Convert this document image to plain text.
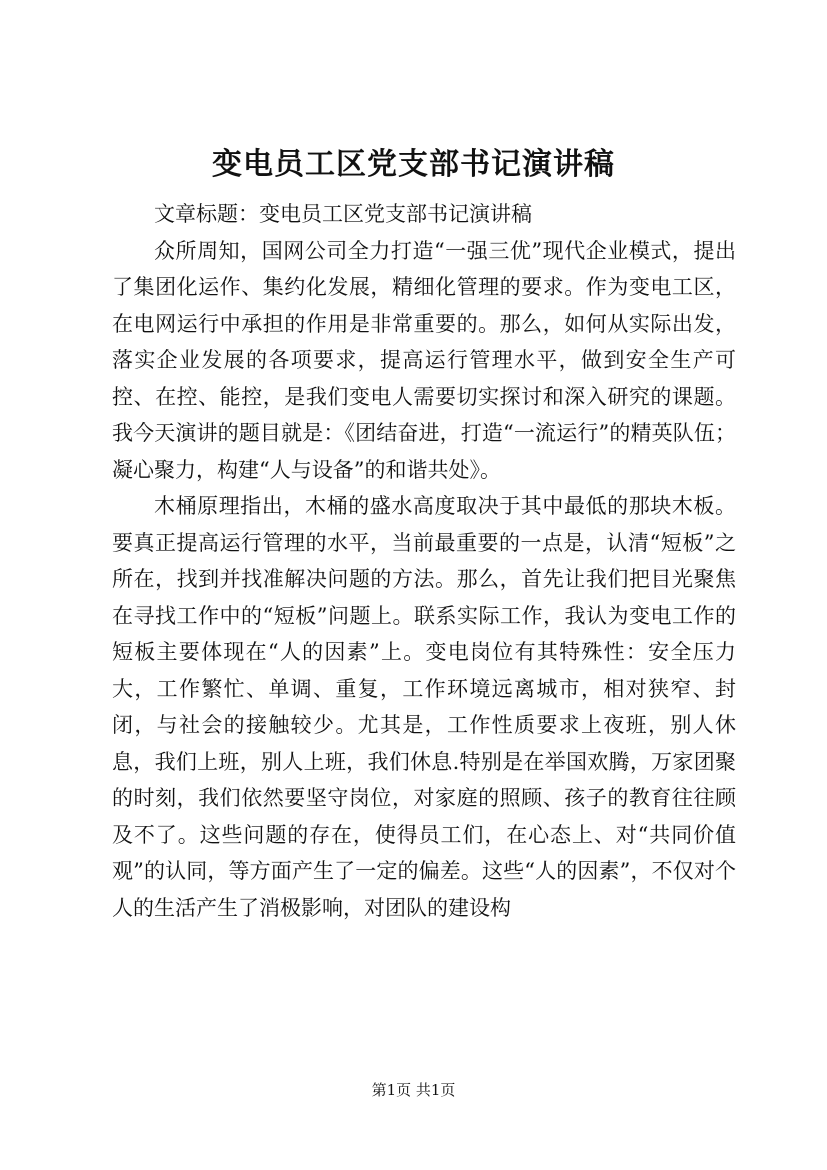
变电员工区党支部书记演讲稿

文章标题：变电员工区党支部书记演讲稿

众所周知，国网公司全力打造“一强三优”现代企业模式，提出了集团化运作、集约化发展，精细化管理的要求。作为变电工区，在电网运行中承担的作用是非常重要的。那么，如何从实际出发，落实企业发展的各项要求，提高运行管理水平，做到安全生产可控、在控、能控，是我们变电人需要切实探讨和深入研究的课题。我今天演讲的题目就是：《团结奋进，打造“一流运行”的精英队伍；凝心聚力，构建“人与设备”的和谐共处》。

木桶原理指出，木桶的盛水高度取决于其中最低的那块木板。要真正提高运行管理的水平，当前最重要的一点是，认清“短板”之所在，找到并找准解决问题的方法。那么，首先让我们把目光聚焦在寻找工作中的“短板”问题上。联系实际工作，我认为变电工作的短板主要体现在“人的因素”上。变电岗位有其特殊性：安全压力大，工作繁忙、单调、重复，工作环境远离城市，相对狭窄、封闭，与社会的接触较少。尤其是，工作性质要求上夜班，别人休息，我们上班，别人上班，我们休息.特别是在举国欢腾，万家团聚的时刻，我们依然要坚守岗位，对家庭的照顾、孩子的教育往往顾及不了。这些问题的存在，使得员工们，在心态上、对“共同价值观”的认同，等方面产生了一定的偏差。这些“人的因素”，不仅对个人的生活产生了消极影响，对团队的建设构

第1页 共1页
